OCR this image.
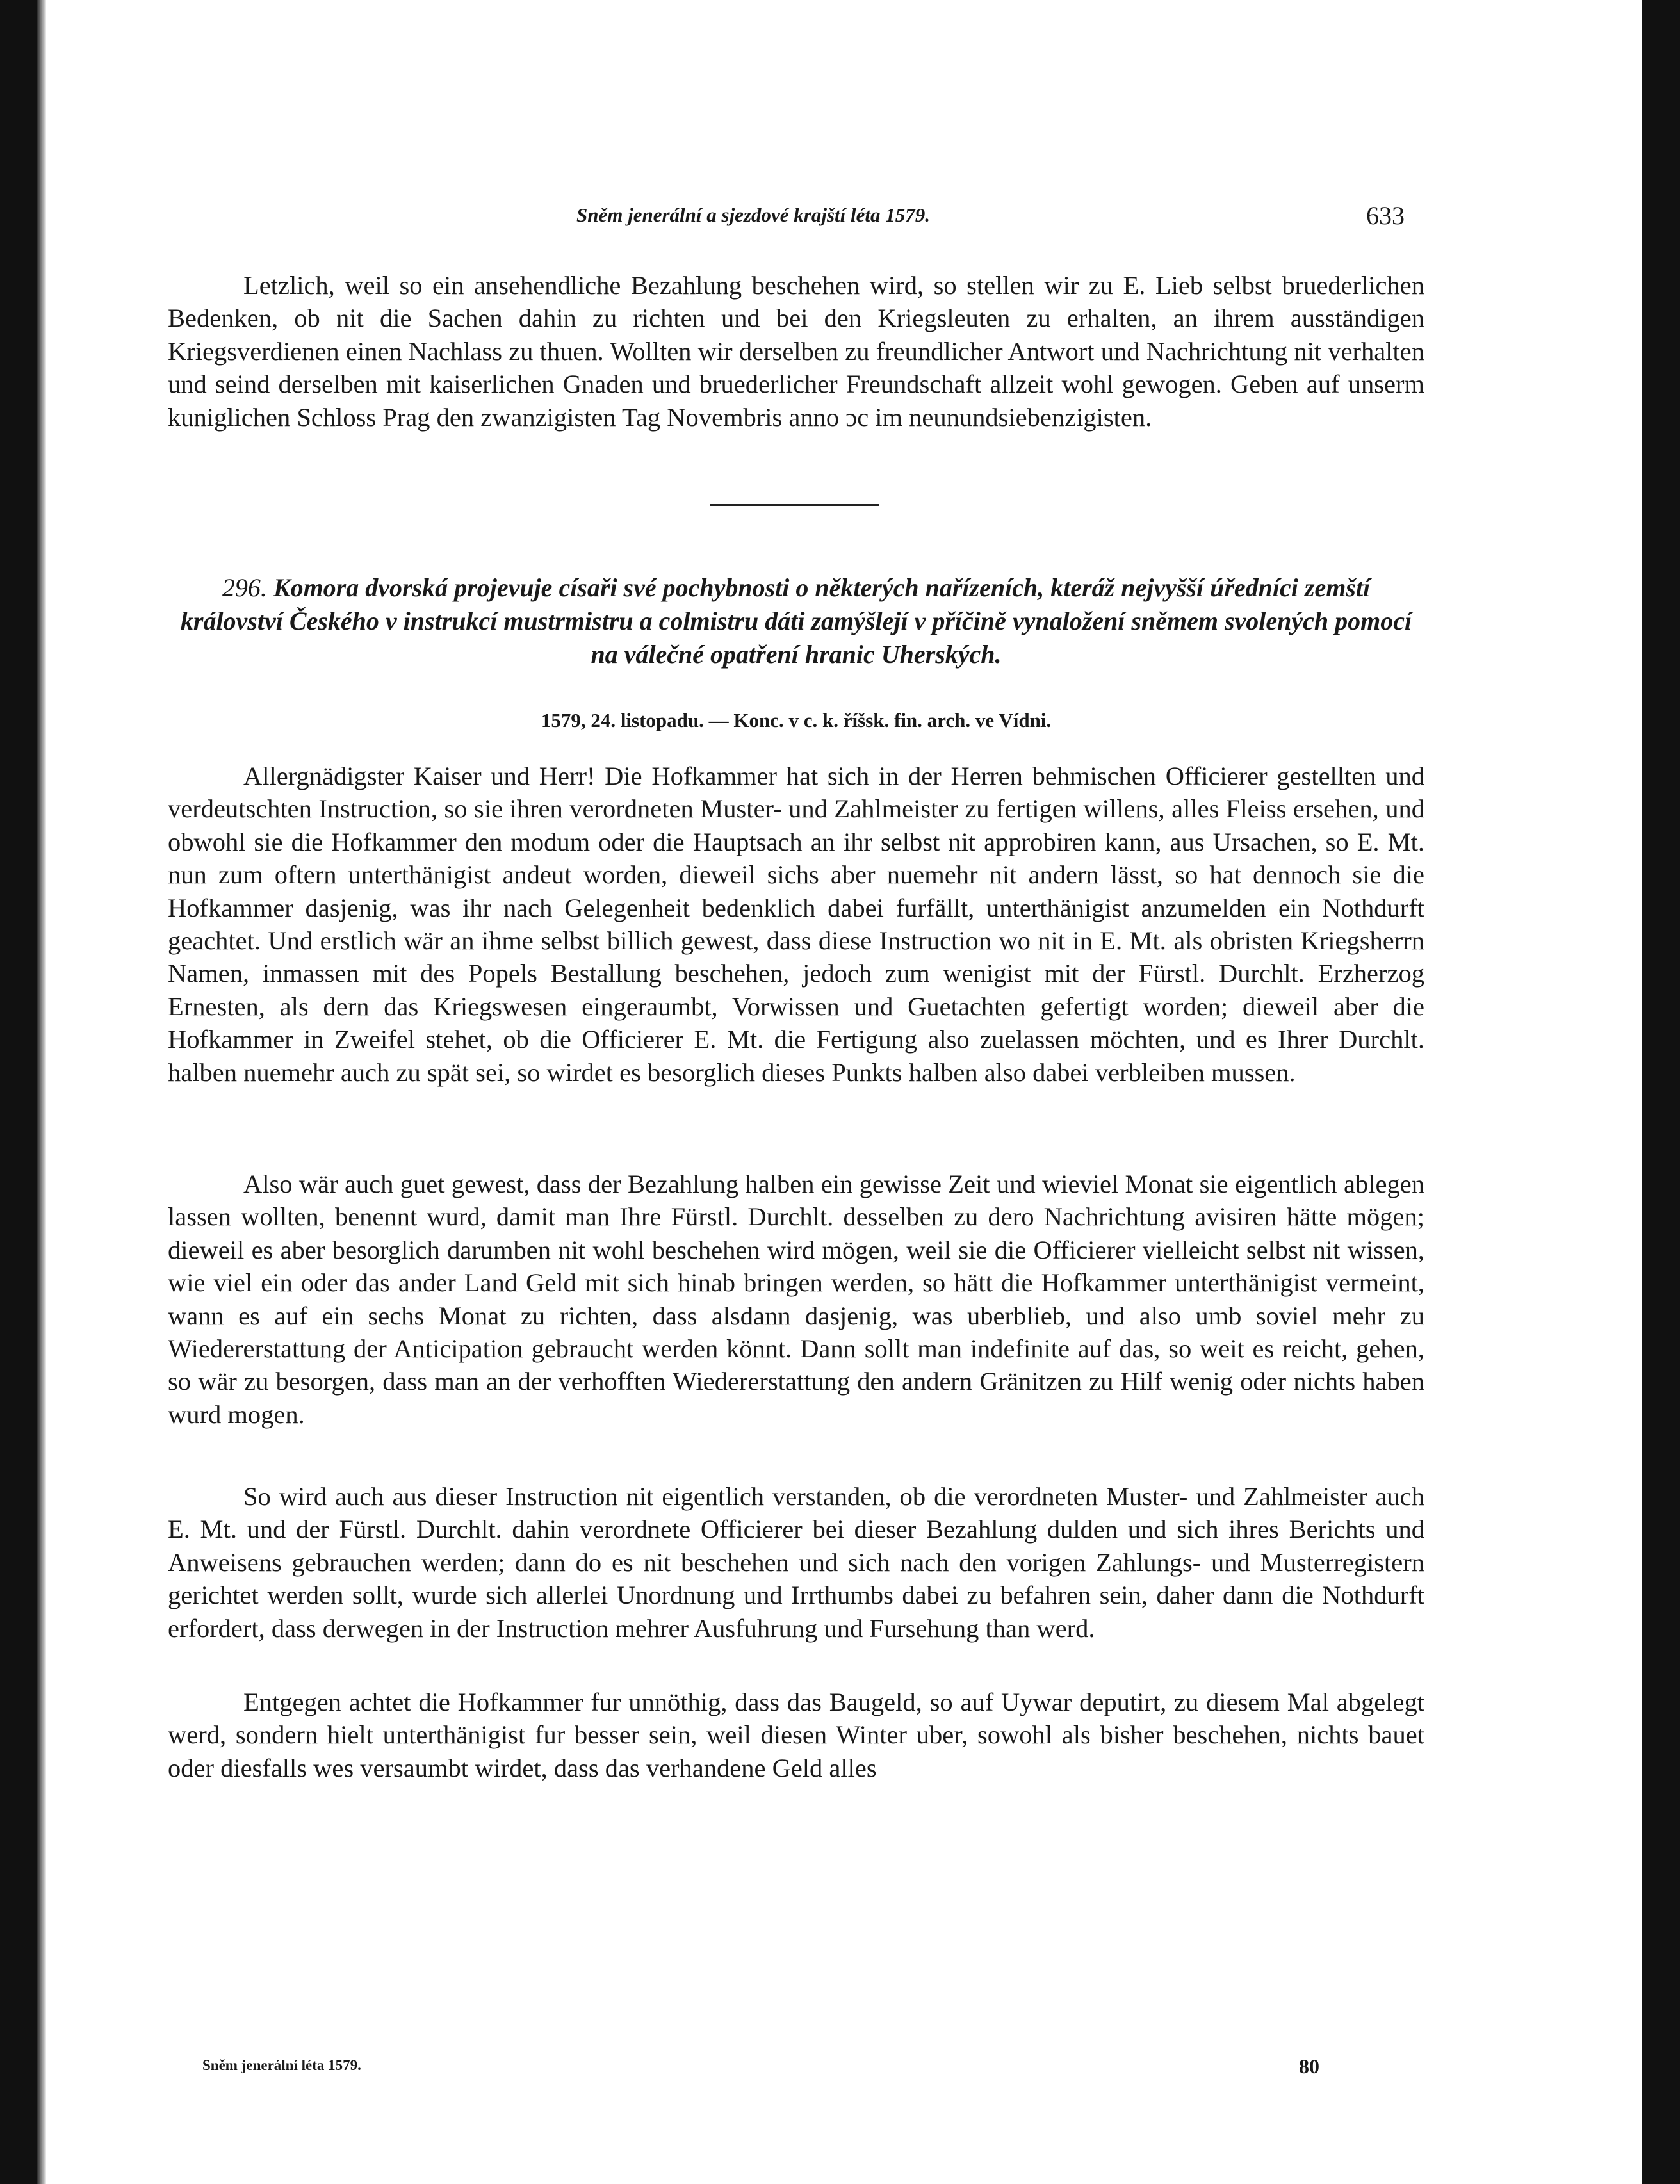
Sněm jenerální a sjezdové krajští léta 1579.	633

Letzlich, weil so ein ansehendliche Bezahlung beschehen wird, so stellen wir zu E. Lieb selbst bruederlichen Bedenken, ob nit die Sachen dahin zu richten und bei den Kriegsleuten zu erhalten, an ihrem ausständigen Kriegsverdienen einen Nachlass zu thuen. Wollten wir derselben zu freundlicher Antwort und Nachrichtung nit verhalten und seind derselben mit kaiserlichen Gnaden und bruederlicher Freundschaft allzeit wohl gewogen. Geben auf unserm kuniglichen Schloss Prag den zwanzigisten Tag Novembris anno ɔc im neunundsiebenzigisten.

296. Komora dvorská projevuje císaři své pochybnosti o některých nařízeních, kteráž nejvyšší úředníci zemští království Českého v instrukcí mustrmistru a colmistru dáti zamýšlejí v příčině vynaložení sněmem svolených pomocí na válečné opatření hranic Uherských.

1579, 24. listopadu. — Konc. v c. k. říšsk. fin. arch. ve Vídni.

Allergnädigster Kaiser und Herr! Die Hofkammer hat sich in der Herren behmischen Officierer gestellten und verdeutschten Instruction, so sie ihren verordneten Muster- und Zahlmeister zu fertigen willens, alles Fleiss ersehen, und obwohl sie die Hofkammer den modum oder die Hauptsach an ihr selbst nit approbiren kann, aus Ursachen, so E. Mt. nun zum oftern unterthänigist andeut worden, dieweil sichs aber nuemehr nit andern lässt, so hat dennoch sie die Hofkammer dasjenig, was ihr nach Gelegenheit bedenklich dabei furfällt, unterthänigist anzumelden ein Nothdurft geachtet. Und erstlich wär an ihme selbst billich gewest, dass diese Instruction wo nit in E. Mt. als obristen Kriegsherrn Namen, inmassen mit des Popels Bestallung beschehen, jedoch zum wenigist mit der Fürstl. Durchlt. Erzherzog Ernesten, als dern das Kriegswesen eingeraumbt, Vorwissen und Guetachten gefertigt worden; dieweil aber die Hofkammer in Zweifel stehet, ob die Officierer E. Mt. die Fertigung also zuelassen möchten, und es Ihrer Durchlt. halben nuemehr auch zu spät sei, so wirdet es besorglich dieses Punkts halben also dabei verbleiben mussen.

Also wär auch guet gewest, dass der Bezahlung halben ein gewisse Zeit und wieviel Monat sie eigentlich ablegen lassen wollten, benennt wurd, damit man Ihre Fürstl. Durchlt. desselben zu dero Nachrichtung avisiren hätte mögen; dieweil es aber besorglich darumben nit wohl beschehen wird mögen, weil sie die Officierer vielleicht selbst nit wissen, wie viel ein oder das ander Land Geld mit sich hinab bringen werden, so hätt die Hofkammer unterthänigist vermeint, wann es auf ein sechs Monat zu richten, dass alsdann dasjenig, was uberblieb, und also umb soviel mehr zu Wiedererstattung der Anticipation gebraucht werden könnt. Dann sollt man indefinite auf das, so weit es reicht, gehen, so wär zu besorgen, dass man an der verhofften Wiedererstattung den andern Gränitzen zu Hilf wenig oder nichts haben wurd mogen.

So wird auch aus dieser Instruction nit eigentlich verstanden, ob die verordneten Muster- und Zahlmeister auch E. Mt. und der Fürstl. Durchlt. dahin verordnete Officierer bei dieser Bezahlung dulden und sich ihres Berichts und Anweisens gebrauchen werden; dann do es nit beschehen und sich nach den vorigen Zahlungs- und Musterregistern gerichtet werden sollt, wurde sich allerlei Unordnung und Irrthumbs dabei zu befahren sein, daher dann die Nothdurft erfordert, dass derwegen in der Instruction mehrer Ausfuhrung und Fursehung than werd.

Entgegen achtet die Hofkammer fur unnöthig, dass das Baugeld, so auf Uywar deputirt, zu diesem Mal abgelegt werd, sondern hielt unterthänigist fur besser sein, weil diesen Winter uber, sowohl als bisher beschehen, nichts bauet oder diesfalls wes versaumbt wirdet, dass das verhandene Geld alles

Sněm jenerální léta 1579.	80
